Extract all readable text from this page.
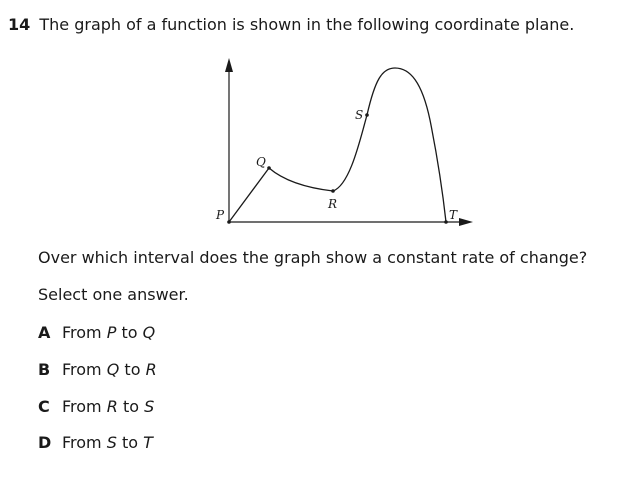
14 The graph of a function is shown in the following coordinate plane.
P
Q
R
S
T
Over which interval does the graph show a constant rate of change?
Select one answer.
A From P to Q
B From Q to R
C From R to S
D From S to T
